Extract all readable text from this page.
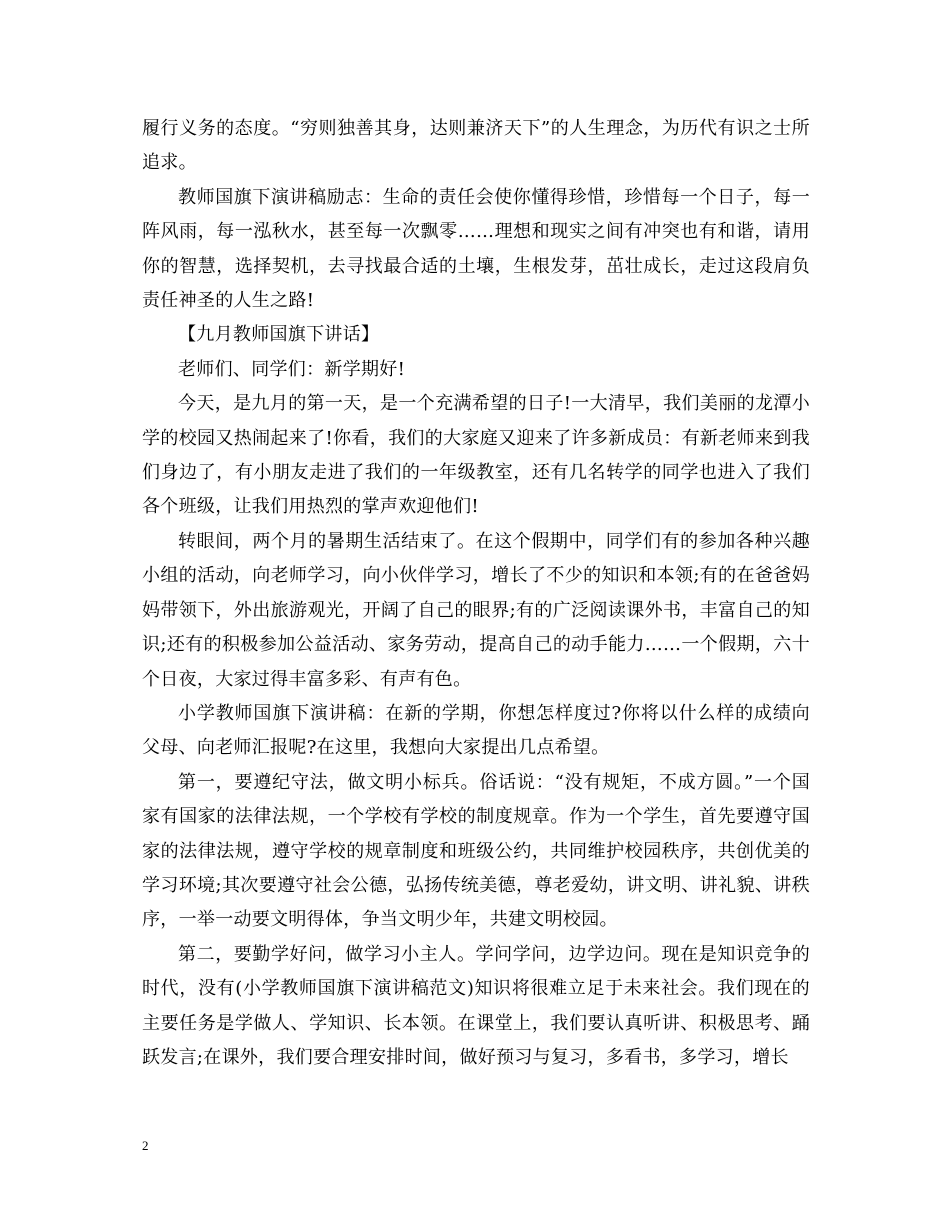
履行义务的态度。“穷则独善其身，达则兼济天下”的人生理念，为历代有识之士所追求。

教师国旗下演讲稿励志：生命的责任会使你懂得珍惜，珍惜每一个日子，每一阵风雨，每一泓秋水，甚至每一次飘零……理想和现实之间有冲突也有和谐，请用你的智慧，选择契机，去寻找最合适的土壤，生根发芽，茁壮成长，走过这段肩负责任神圣的人生之路!

【九月教师国旗下讲话】

老师们、同学们：新学期好!

今天，是九月的第一天，是一个充满希望的日子!一大清早，我们美丽的龙潭小学的校园又热闹起来了!你看，我们的大家庭又迎来了许多新成员：有新老师来到我们身边了，有小朋友走进了我们的一年级教室，还有几名转学的同学也进入了我们各个班级，让我们用热烈的掌声欢迎他们!

转眼间，两个月的暑期生活结束了。在这个假期中，同学们有的参加各种兴趣小组的活动，向老师学习，向小伙伴学习，增长了不少的知识和本领;有的在爸爸妈妈带领下，外出旅游观光，开阔了自己的眼界;有的广泛阅读课外书，丰富自己的知识;还有的积极参加公益活动、家务劳动，提高自己的动手能力……一个假期，六十个日夜，大家过得丰富多彩、有声有色。

小学教师国旗下演讲稿：在新的学期，你想怎样度过?你将以什么样的成绩向父母、向老师汇报呢?在这里，我想向大家提出几点希望。

第一，要遵纪守法，做文明小标兵。俗话说：“没有规矩，不成方圆。”一个国家有国家的法律法规，一个学校有学校的制度规章。作为一个学生，首先要遵守国家的法律法规，遵守学校的规章制度和班级公约，共同维护校园秩序，共创优美的学习环境;其次要遵守社会公德，弘扬传统美德，尊老爱幼，讲文明、讲礼貌、讲秩序，一举一动要文明得体，争当文明少年，共建文明校园。

第二，要勤学好问，做学习小主人。学问学问，边学边问。现在是知识竞争的时代，没有(小学教师国旗下演讲稿范文)知识将很难立足于未来社会。我们现在的主要任务是学做人、学知识、长本领。在课堂上，我们要认真听讲、积极思考、踊跃发言;在课外，我们要合理安排时间，做好预习与复习，多看书，多学习，增长

2
